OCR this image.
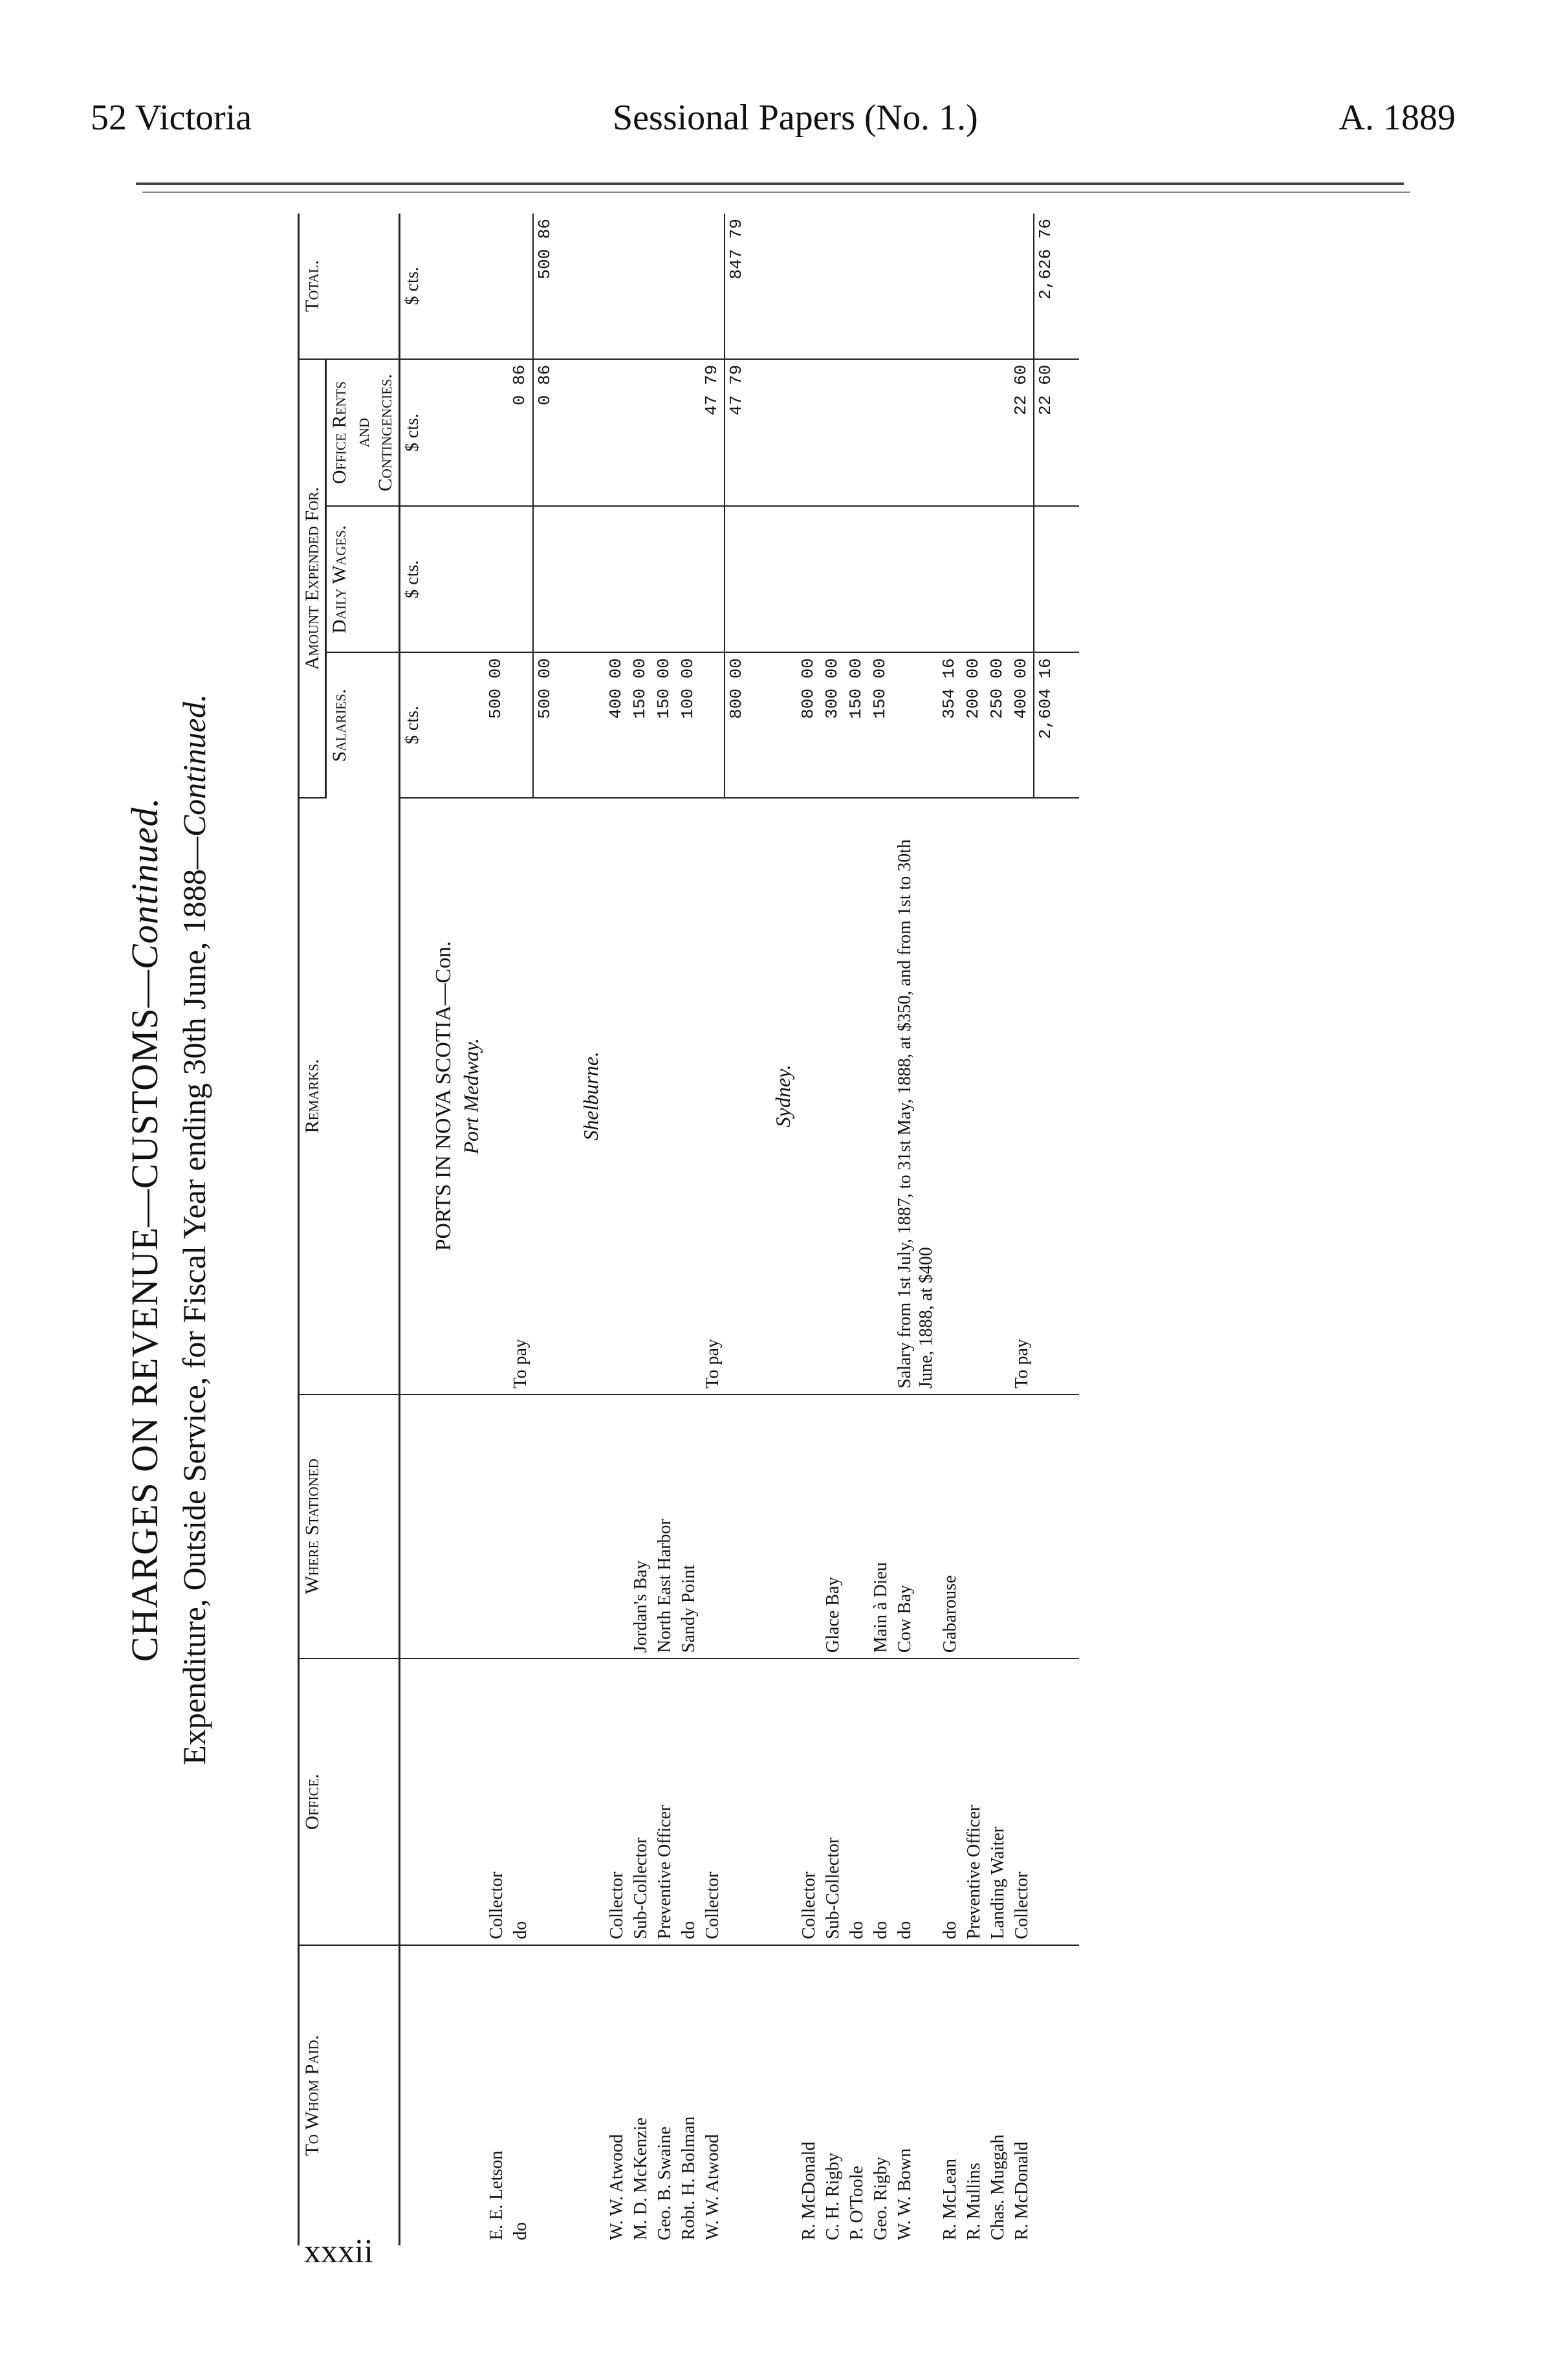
52 Victoria	Sessional Papers (No. 1.)	A. 1889
CHARGES ON REVENUE—CUSTOMS—Continued. Expenditure, Outside Service, for Fiscal Year ending 30th June, 1888—Continued.
To Whom Paid.	Office.	Where Stationed	Remarks.	Amount Expended For.			Total.
				Salaries.	Daily Wages.	Office Rents and Contingencies.	
				$ cts.	$ cts.	$ cts.	$ cts.
			PORTS IN NOVA SCOTIA—Con.				
			Port Medway.				
E. E. Letson	Collector			500 00			
do	do		To pay			0 86	
				500 00		0 86	500 86

			Shelburne.				
W. W. Atwood	Collector			400 00			
M. D. McKenzie	Sub-Collector	Jordan's Bay		150 00			
Geo. B. Swaine	Preventive Officer	North East Harbor		150 00			
Robt. H. Bolman	do	Sandy Point		100 00			
W. W. Atwood	Collector		To pay			47 79	
				800 00		47 79	847 79

			Sydney.				
R. McDonald	Collector			800 00			
C. H. Rigby	Sub-Collector	Glace Bay		300 00			
P. O'Toole	do			150 00			
Geo. Rigby	do	Main à Dieu		150 00			
W. W. Bown	do	Cow Bay	Salary from 1st July, 1887, to 31st May, 1888, at $350, and from 1st to 30th June, 1888, at $400				
R. McLean	do	Gabarouse		354 16			
R. Mullins	Preventive Officer			200 00			
Chas. Muggah	Landing Waiter			250 00			
R. McDonald	Collector		To pay	400 00		22 60	
				2,604 16		22 60	2,626 76

xxxii
